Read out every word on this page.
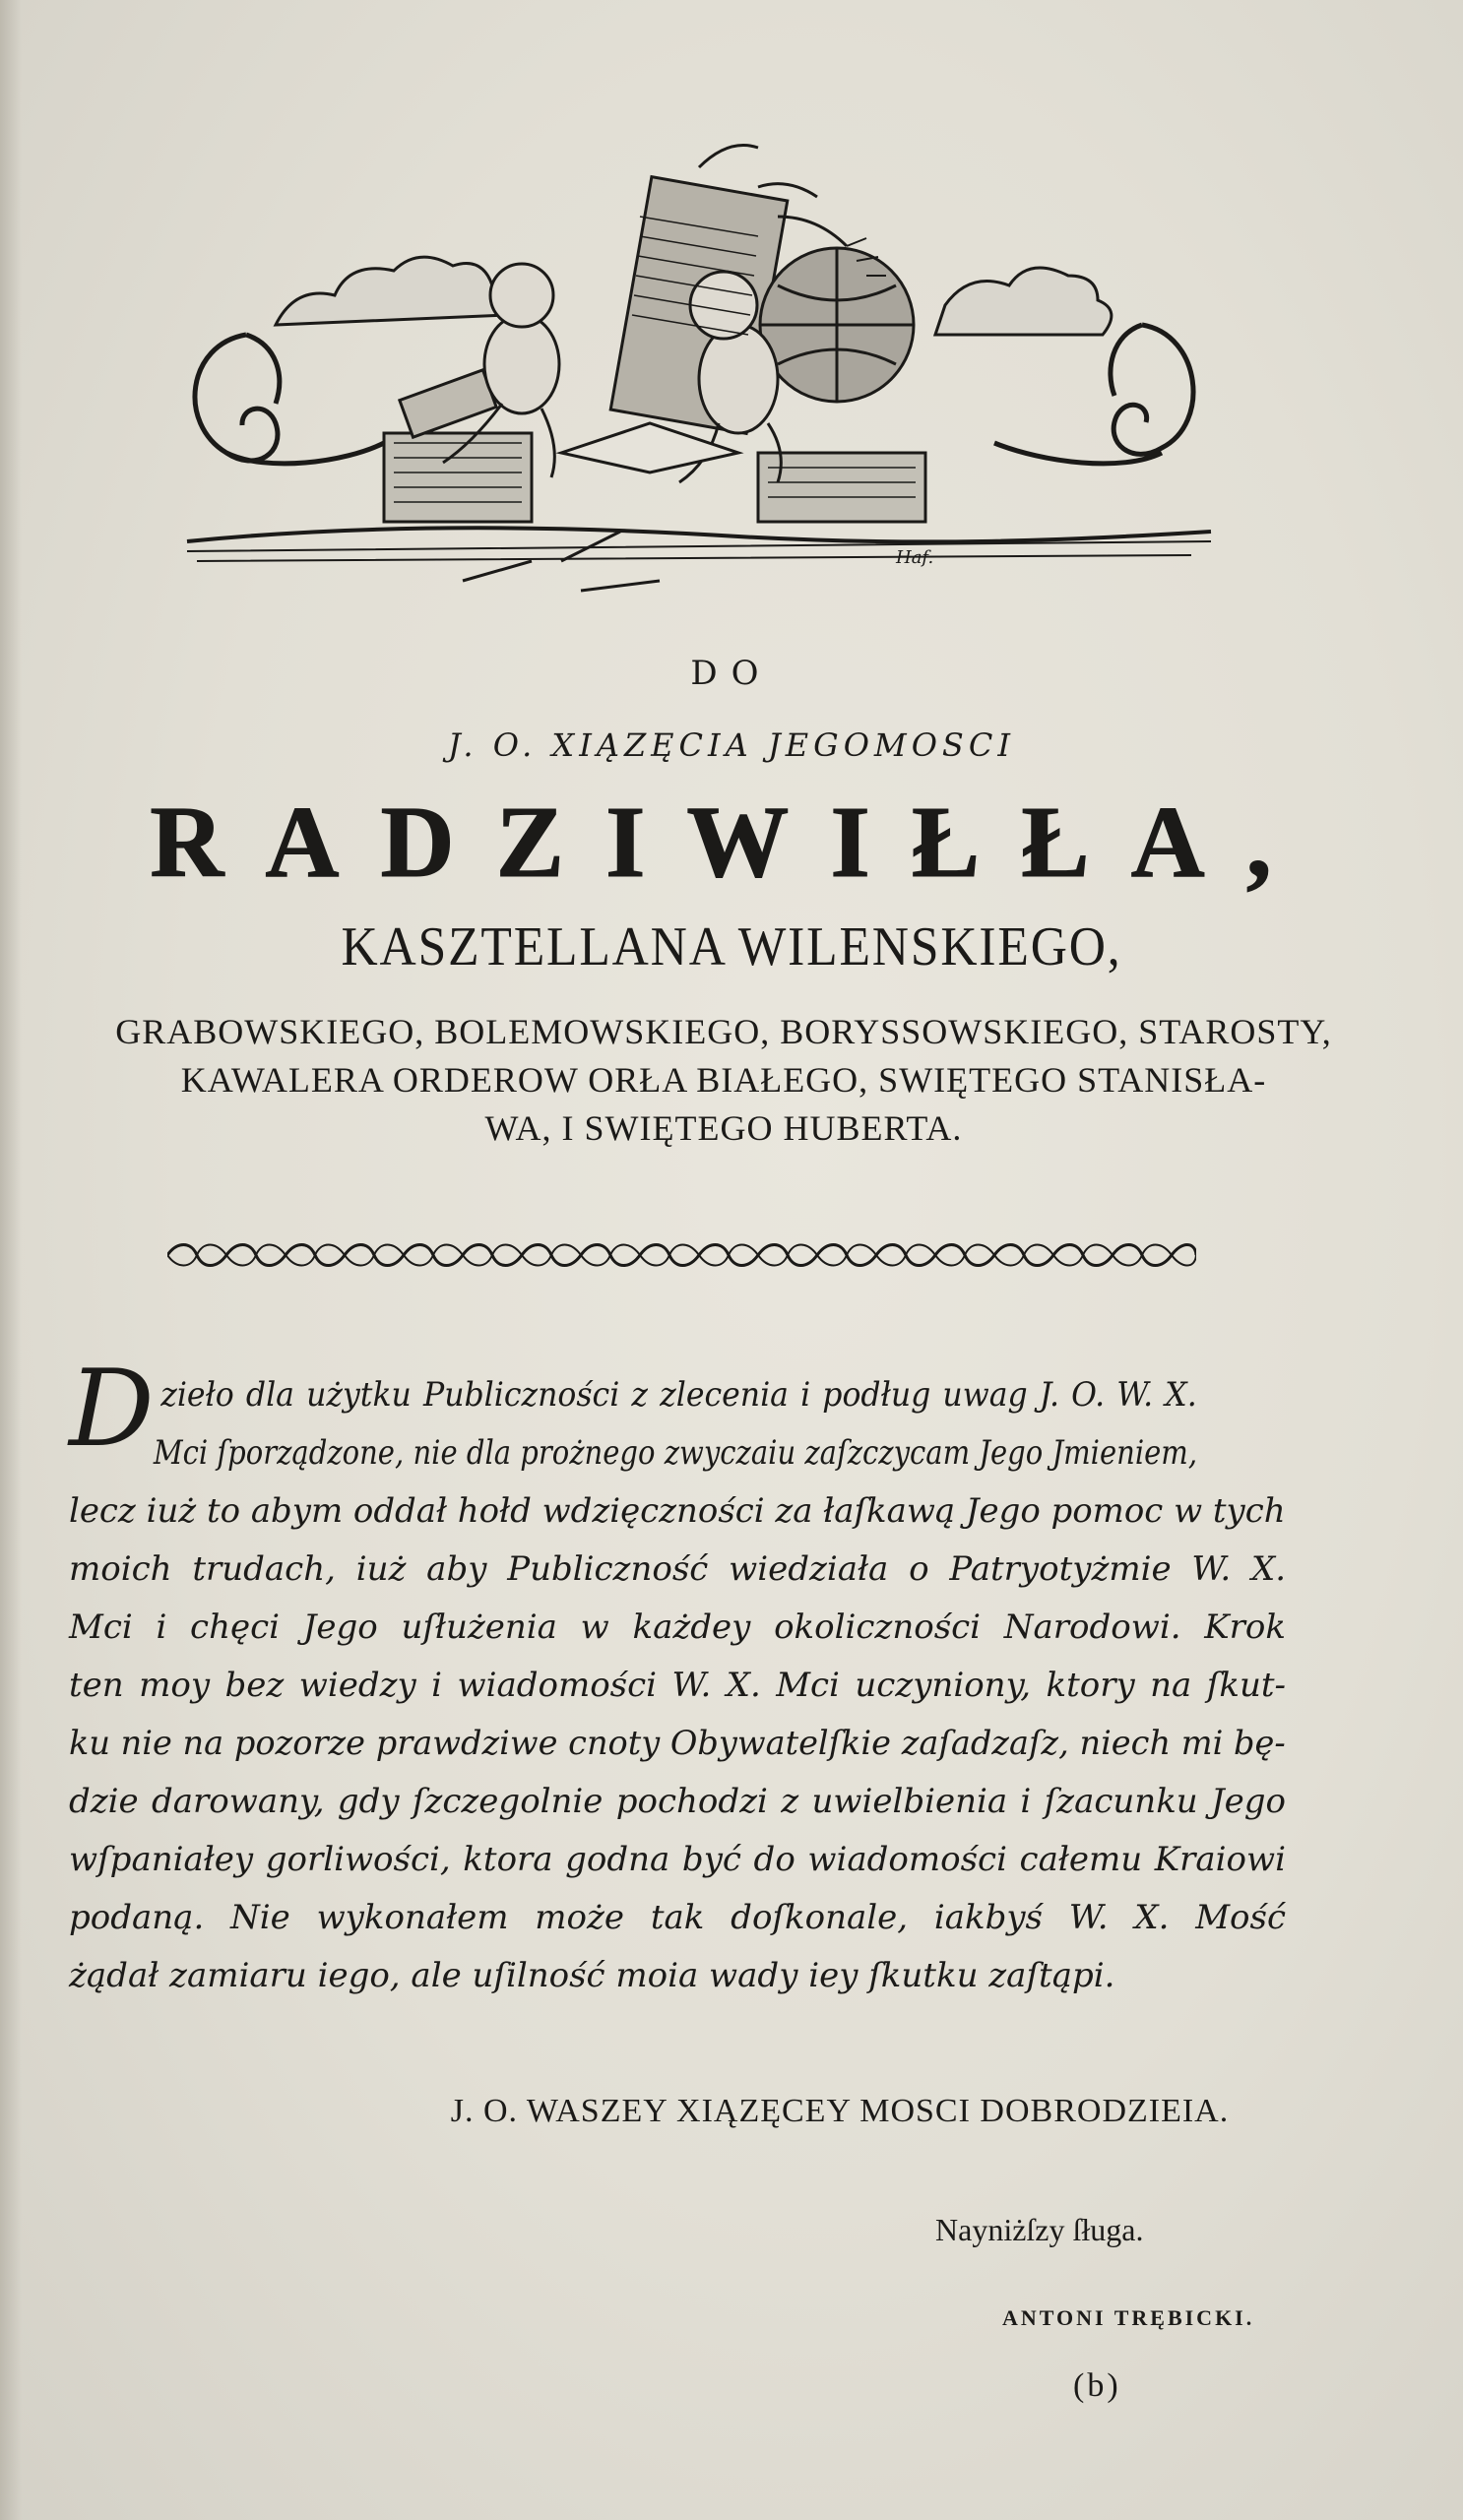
Haf.
DO
J. O. XIĄZĘCIA JEGOMOSCI
RADZIWIŁŁA,
KASZTELLANA WILENSKIEGO,
GRABOWSKIEGO, BOLEMOWSKIEGO, BORYSSOWSKIEGO, STAROSTY,
KAWALERA ORDEROW ORŁA BIAŁEGO, SWIĘTEGO STANISŁA-
WA, I SWIĘTEGO HUBERTA.
D zieło dla użytku Publiczności z zlecenia i podług uwag J. O. W. X.
Mci ſporządzone, nie dla prożnego zwyczaiu zaſzczycam Jego Jmieniem,
lecz iuż to abym oddał hołd wdzięczności za łaſkawą Jego pomoc w tych
moich trudach, iuż aby Publiczność wiedziała o Patryotyżmie W. X.
Mci i chęci Jego uſłużenia w każdey okoliczności Narodowi. Krok
ten moy bez wiedzy i wiadomości W. X. Mci uczyniony, ktory na ſkut-
ku nie na pozorze prawdziwe cnoty Obywatelſkie zaſadzaſz, niech mi bę-
dzie darowany, gdy ſzczegolnie pochodzi z uwielbienia i ſzacunku Jego
wſpaniałey gorliwości, ktora godna być do wiadomości całemu Kraiowi
podaną. Nie wykonałem może tak doſkonale, iakbyś W. X. Mość
żądał zamiaru iego, ale uſilność moia wady iey ſkutku zaſtąpi.
J. O. WASZEY XIĄZĘCEY MOSCI DOBRODZIEIA.
Nayniżſzy ſługa.
ANTONI TRĘBICKI.
(b)
